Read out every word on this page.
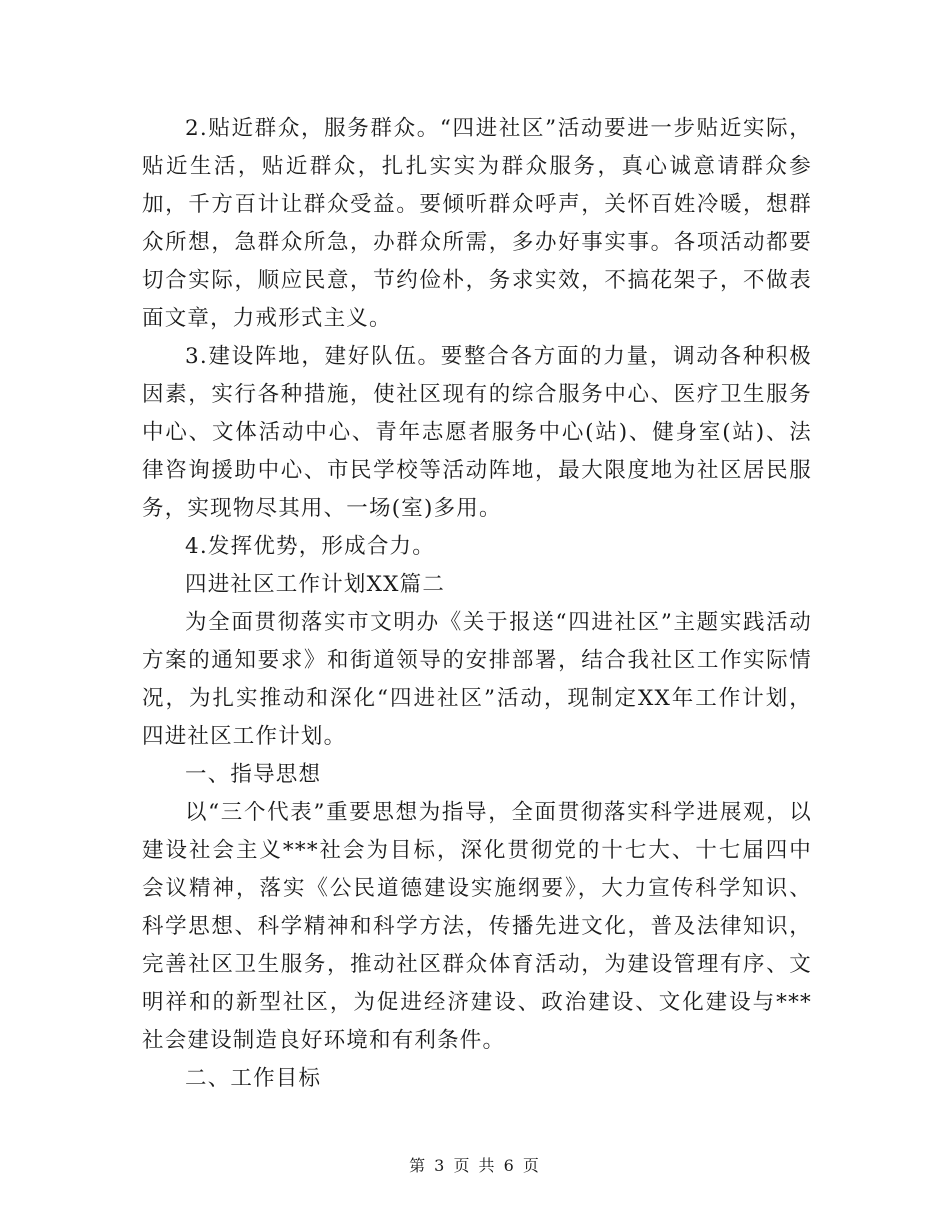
2.贴近群众，服务群众。“四进社区”活动要进一步贴近实际，贴近生活，贴近群众，扎扎实实为群众服务，真心诚意请群众参加，千方百计让群众受益。要倾听群众呼声，关怀百姓冷暖，想群众所想，急群众所急，办群众所需，多办好事实事。各项活动都要切合实际，顺应民意，节约俭朴，务求实效，不搞花架子，不做表面文章，力戒形式主义。

3.建设阵地，建好队伍。要整合各方面的力量，调动各种积极因素，实行各种措施，使社区现有的综合服务中心、医疗卫生服务中心、文体活动中心、青年志愿者服务中心(站)、健身室(站)、法律咨询援助中心、市民学校等活动阵地，最大限度地为社区居民服务，实现物尽其用、一场(室)多用。

4.发挥优势，形成合力。

四进社区工作计划XX篇二

为全面贯彻落实市文明办《关于报送“四进社区”主题实践活动方案的通知要求》和街道领导的安排部署，结合我社区工作实际情况，为扎实推动和深化“四进社区”活动，现制定XX年工作计划，四进社区工作计划。

一、指导思想

以“三个代表”重要思想为指导，全面贯彻落实科学进展观，以建设社会主义***社会为目标，深化贯彻党的十七大、十七届四中会议精神，落实《公民道德建设实施纲要》，大力宣传科学知识、科学思想、科学精神和科学方法，传播先进文化，普及法律知识，完善社区卫生服务，推动社区群众体育活动，为建设管理有序、文明祥和的新型社区，为促进经济建设、政治建设、文化建设与***社会建设制造良好环境和有利条件。

二、工作目标

第 3 页 共 6 页
